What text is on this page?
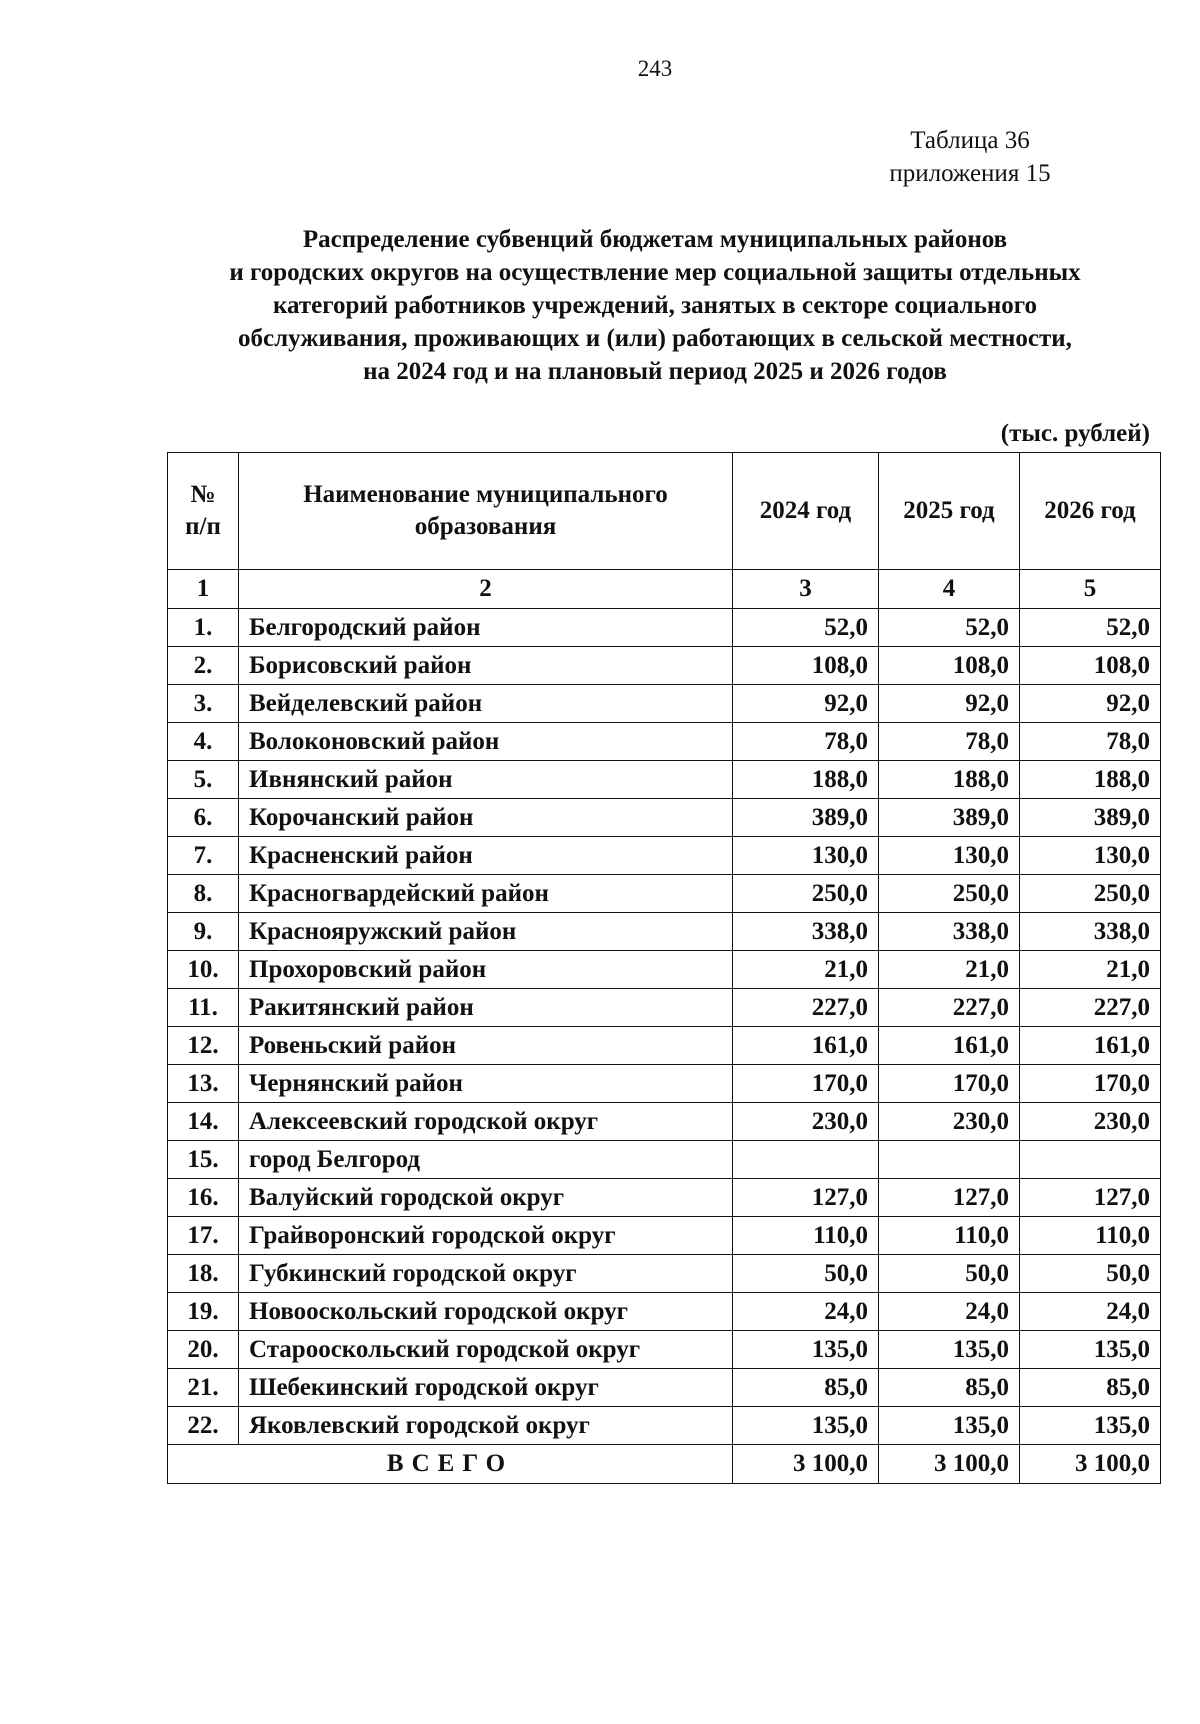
243
Таблица 36
приложения 15
Распределение субвенций бюджетам муниципальных районов
и городских округов на осуществление мер социальной защиты отдельных
категорий работников учреждений, занятых в секторе социального
обслуживания, проживающих и (или) работающих в сельской местности,
на 2024 год и на плановый период 2025 и 2026 годов
(тыс. рублей)
№ п/п	Наименование муниципального образования	2024 год	2025 год	2026 год
1	2	3	4	5
1.	Белгородский район	52,0	52,0	52,0
2.	Борисовский район	108,0	108,0	108,0
3.	Вейделевский район	92,0	92,0	92,0
4.	Волоконовский район	78,0	78,0	78,0
5.	Ивнянский район	188,0	188,0	188,0
6.	Корочанский район	389,0	389,0	389,0
7.	Красненский район	130,0	130,0	130,0
8.	Красногвардейский район	250,0	250,0	250,0
9.	Краснояружский район	338,0	338,0	338,0
10.	Прохоровский район	21,0	21,0	21,0
11.	Ракитянский район	227,0	227,0	227,0
12.	Ровеньский район	161,0	161,0	161,0
13.	Чернянский район	170,0	170,0	170,0
14.	Алексеевский городской округ	230,0	230,0	230,0
15.	город Белгород			
16.	Валуйский городской округ	127,0	127,0	127,0
17.	Грайворонский городской округ	110,0	110,0	110,0
18.	Губкинский городской округ	50,0	50,0	50,0
19.	Новооскольский городской округ	24,0	24,0	24,0
20.	Старооскольский городской округ	135,0	135,0	135,0
21.	Шебекинский городской округ	85,0	85,0	85,0
22.	Яковлевский городской округ	135,0	135,0	135,0
ВСЕГО		3 100,0	3 100,0	3 100,0
